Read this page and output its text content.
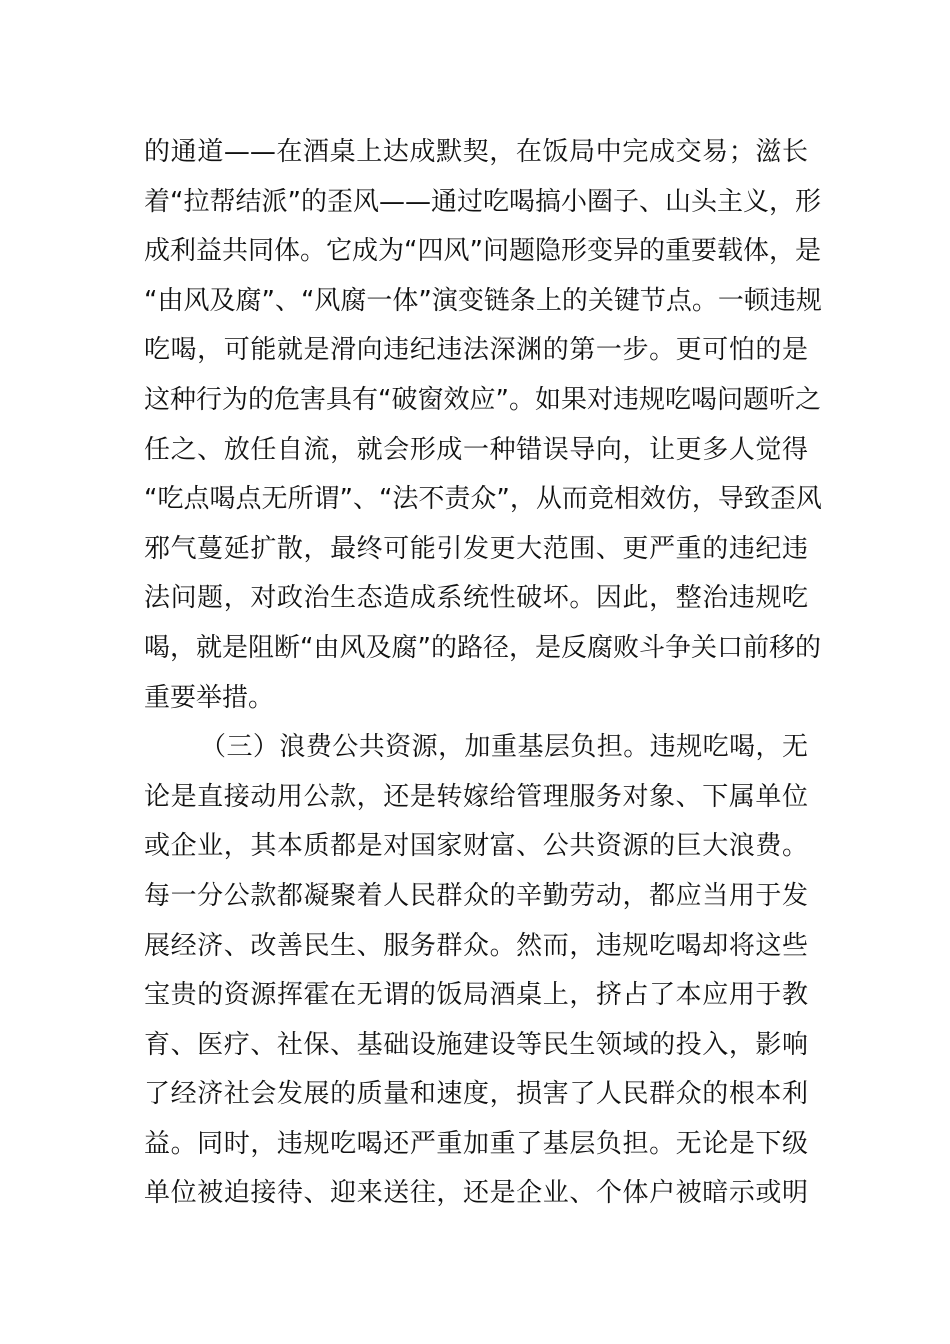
的通道——在酒桌上达成默契，在饭局中完成交易；滋长
着“拉帮结派”的歪风——通过吃喝搞小圈子、山头主义，形
成利益共同体。它成为“四风”问题隐形变异的重要载体，是
“由风及腐”、“风腐一体”演变链条上的关键节点。一顿违规
吃喝，可能就是滑向违纪违法深渊的第一步。更可怕的是
这种行为的危害具有“破窗效应”。如果对违规吃喝问题听之
任之、放任自流，就会形成一种错误导向，让更多人觉得
“吃点喝点无所谓”、“法不责众”，从而竞相效仿，导致歪风
邪气蔓延扩散，最终可能引发更大范围、更严重的违纪违
法问题，对政治生态造成系统性破坏。因此，整治违规吃
喝，就是阻断“由风及腐”的路径，是反腐败斗争关口前移的
重要举措。
（三）浪费公共资源，加重基层负担。违规吃喝，无
论是直接动用公款，还是转嫁给管理服务对象、下属单位
或企业，其本质都是对国家财富、公共资源的巨大浪费。
每一分公款都凝聚着人民群众的辛勤劳动，都应当用于发
展经济、改善民生、服务群众。然而，违规吃喝却将这些
宝贵的资源挥霍在无谓的饭局酒桌上，挤占了本应用于教
育、医疗、社保、基础设施建设等民生领域的投入，影响
了经济社会发展的质量和速度，损害了人民群众的根本利
益。同时，违规吃喝还严重加重了基层负担。无论是下级
单位被迫接待、迎来送往，还是企业、个体户被暗示或明
